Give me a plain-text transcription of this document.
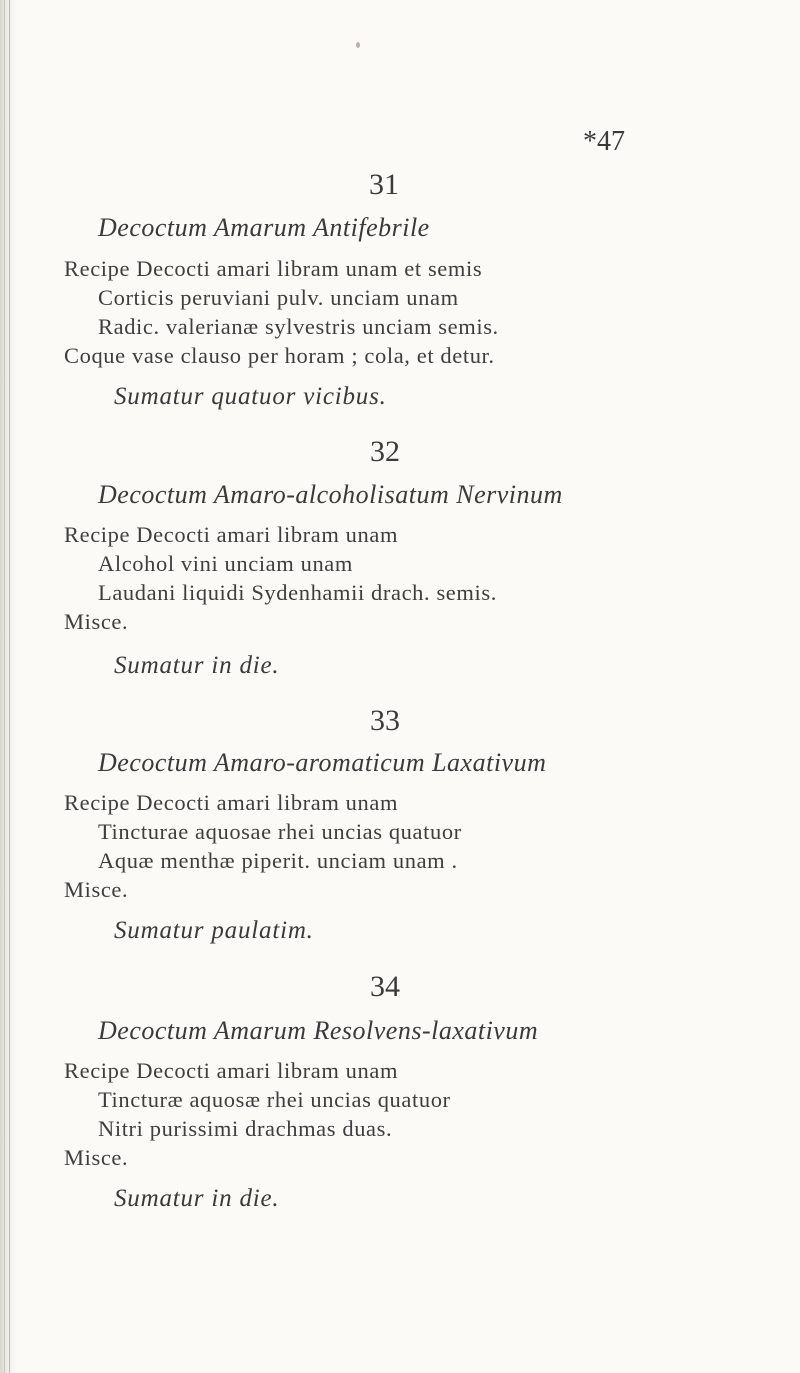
*47
31
Decoctum Amarum Antifebrile
Recipe Decocti amari libram unam et semis
Corticis peruviani pulv. unciam unam
Radic. valerianæ sylvestris unciam semis.
Coque vase clauso per horam ; cola, et detur.
Sumatur quatuor vicibus.
32
Decoctum Amaro-alcoholisatum Nervinum
Recipe Decocti amari libram unam
Alcohol vini unciam unam
Laudani liquidi Sydenhamii drach. semis.
Misce.
Sumatur in die.
33
Decoctum Amaro-aromaticum Laxativum
Recipe Decocti amari libram unam
Tincturae aquosae rhei uncias quatuor
Aquæ menthæ piperit. unciam unam .
Misce.
Sumatur paulatim.
34
Decoctum Amarum Resolvens-laxativum
Recipe Decocti amari libram unam
Tincturæ aquosæ rhei uncias quatuor
Nitri purissimi drachmas duas.
Misce.
Sumatur in die.
